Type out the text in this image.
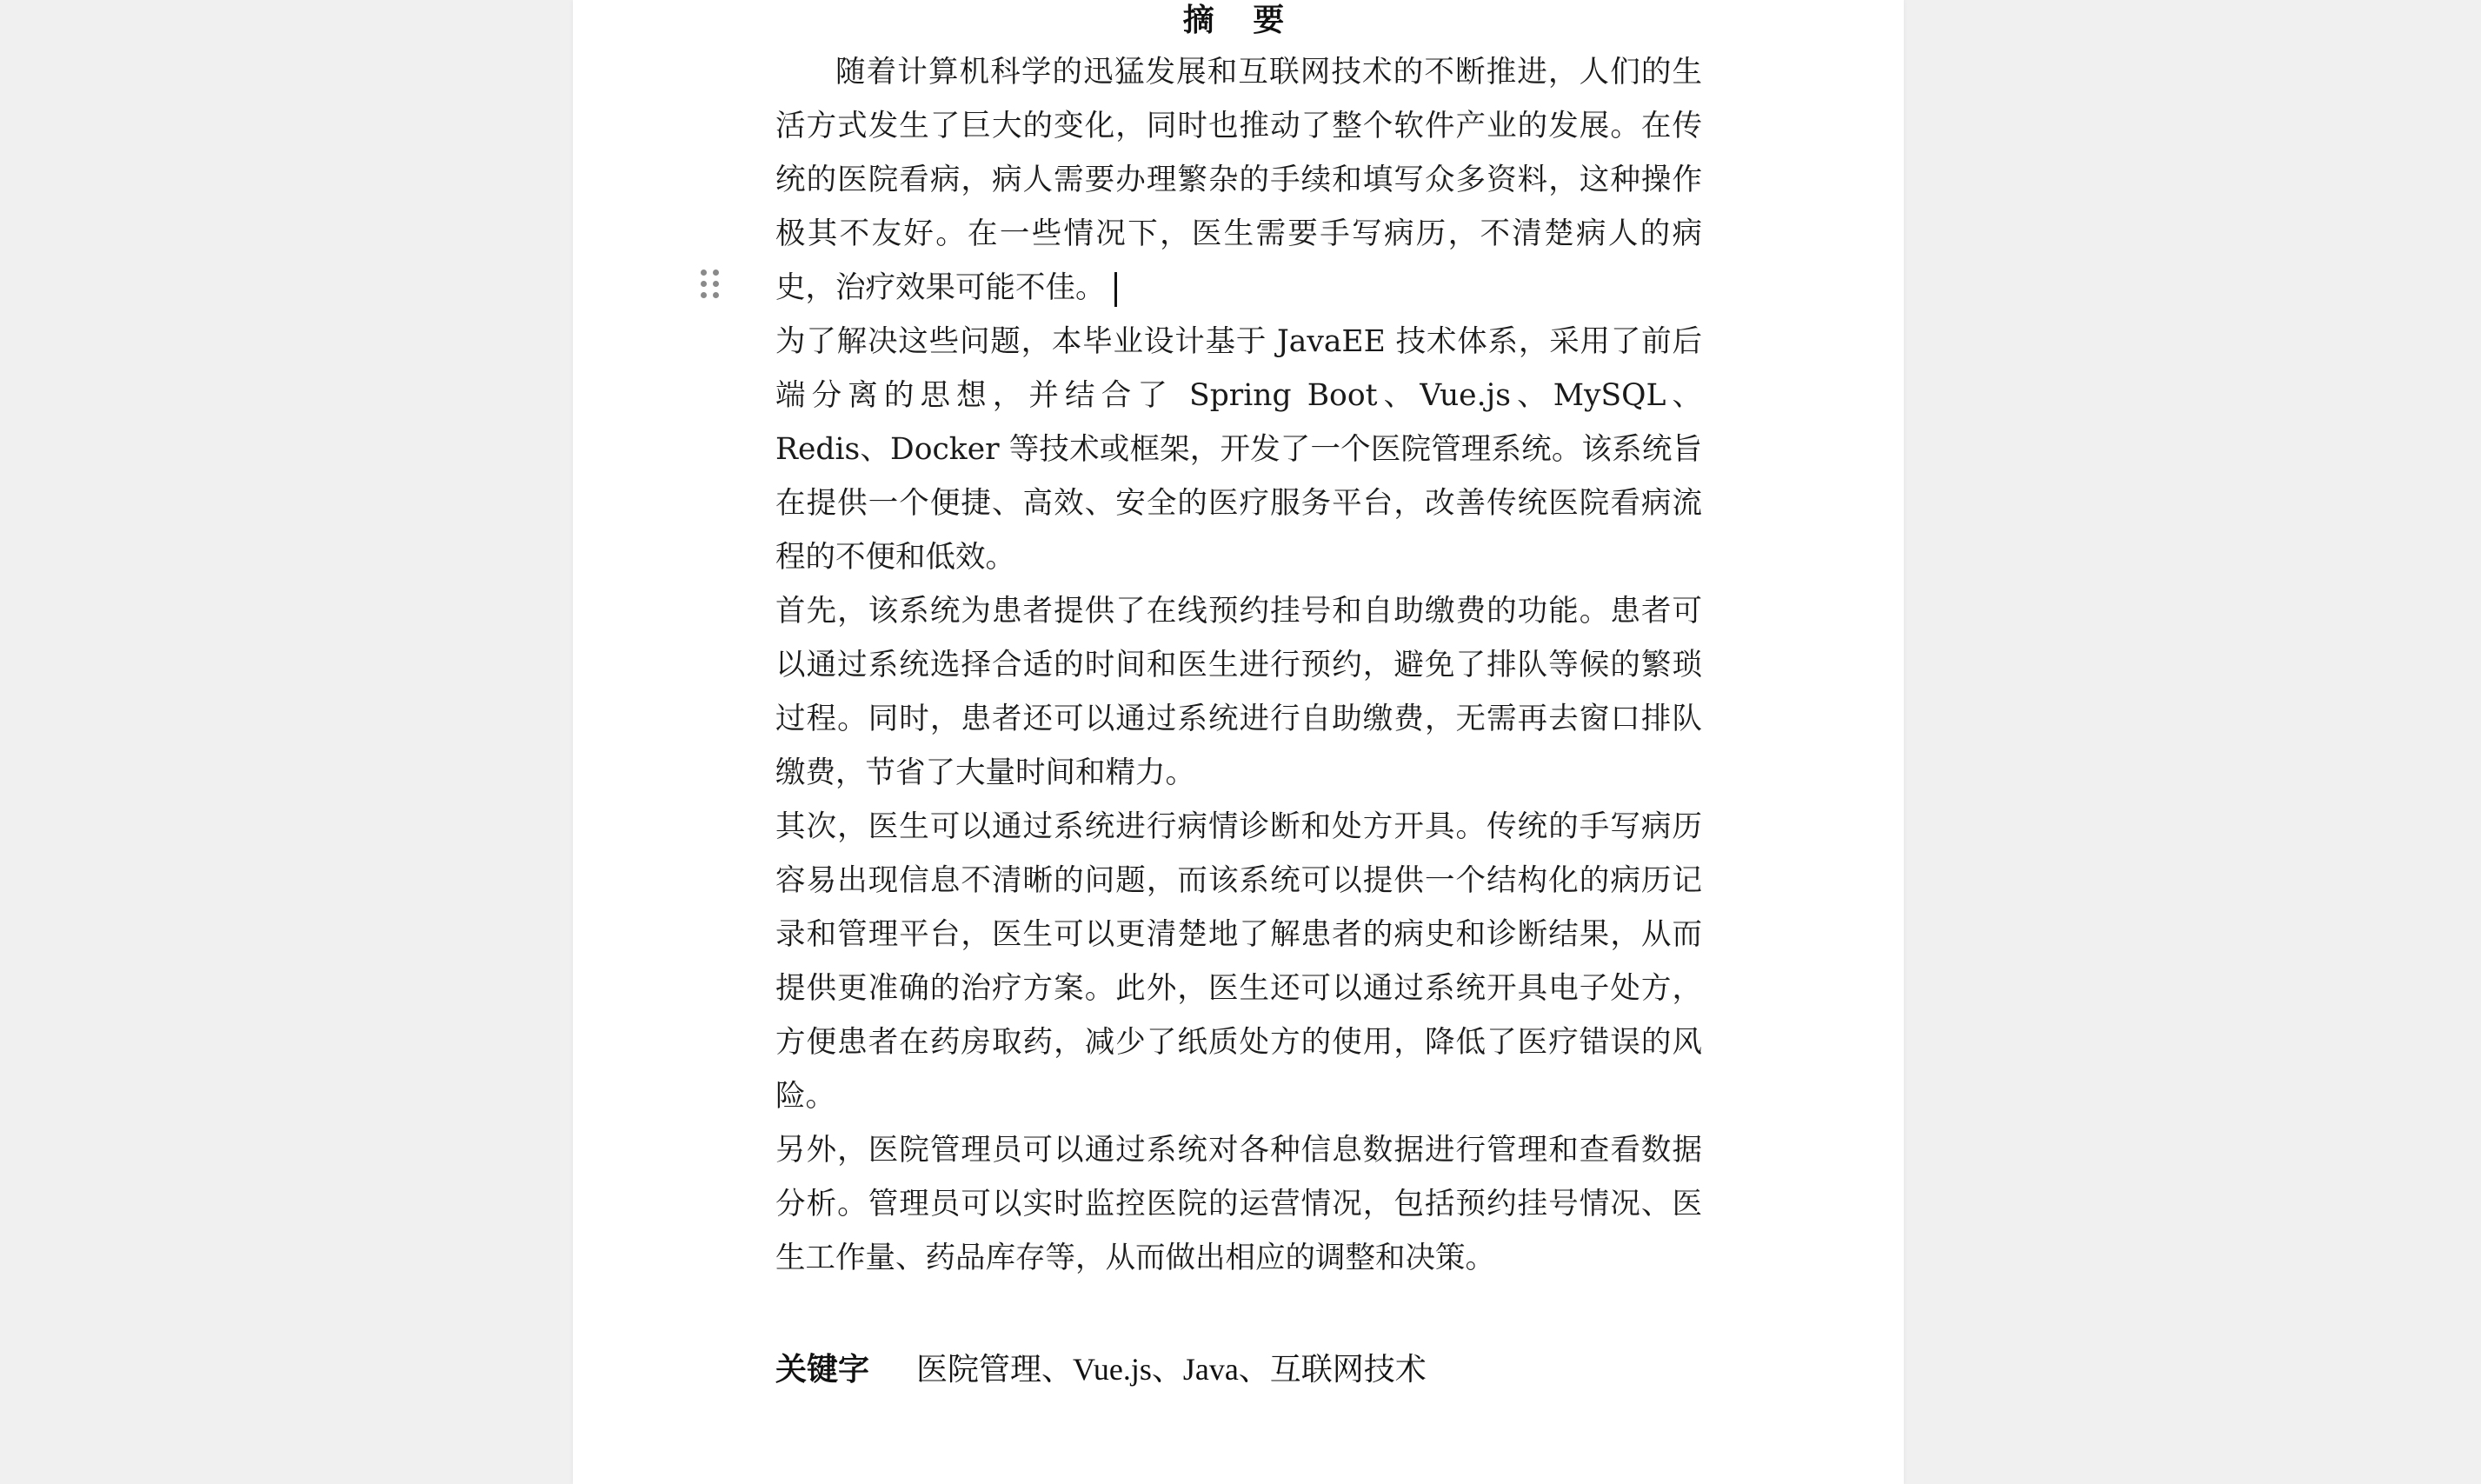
摘 要

随着计算机科学的迅猛发展和互联网技术的不断推进，人们的生活方式发生了巨大的变化，同时也推动了整个软件产业的发展。在传统的医院看病，病人需要办理繁杂的手续和填写众多资料，这种操作极其不友好。在一些情况下，医生需要手写病历，不清楚病人的病史，治疗效果可能不佳。

为了解决这些问题，本毕业设计基于 JavaEE 技术体系，采用了前后端分离的思想，并结合了 Spring Boot、Vue.js、MySQL、Redis、Docker 等技术或框架，开发了一个医院管理系统。该系统旨在提供一个便捷、高效、安全的医疗服务平台，改善传统医院看病流程的不便和低效。

首先，该系统为患者提供了在线预约挂号和自助缴费的功能。患者可以通过系统选择合适的时间和医生进行预约，避免了排队等候的繁琐过程。同时，患者还可以通过系统进行自助缴费，无需再去窗口排队缴费，节省了大量时间和精力。

其次，医生可以通过系统进行病情诊断和处方开具。传统的手写病历容易出现信息不清晰的问题，而该系统可以提供一个结构化的病历记录和管理平台，医生可以更清楚地了解患者的病史和诊断结果，从而提供更准确的治疗方案。此外，医生还可以通过系统开具电子处方，方便患者在药房取药，减少了纸质处方的使用，降低了医疗错误的风险。

另外，医院管理员可以通过系统对各种信息数据进行管理和查看数据分析。管理员可以实时监控医院的运营情况，包括预约挂号情况、医生工作量、药品库存等，从而做出相应的调整和决策。

关键字 医院管理、Vue.js、Java、互联网技术
